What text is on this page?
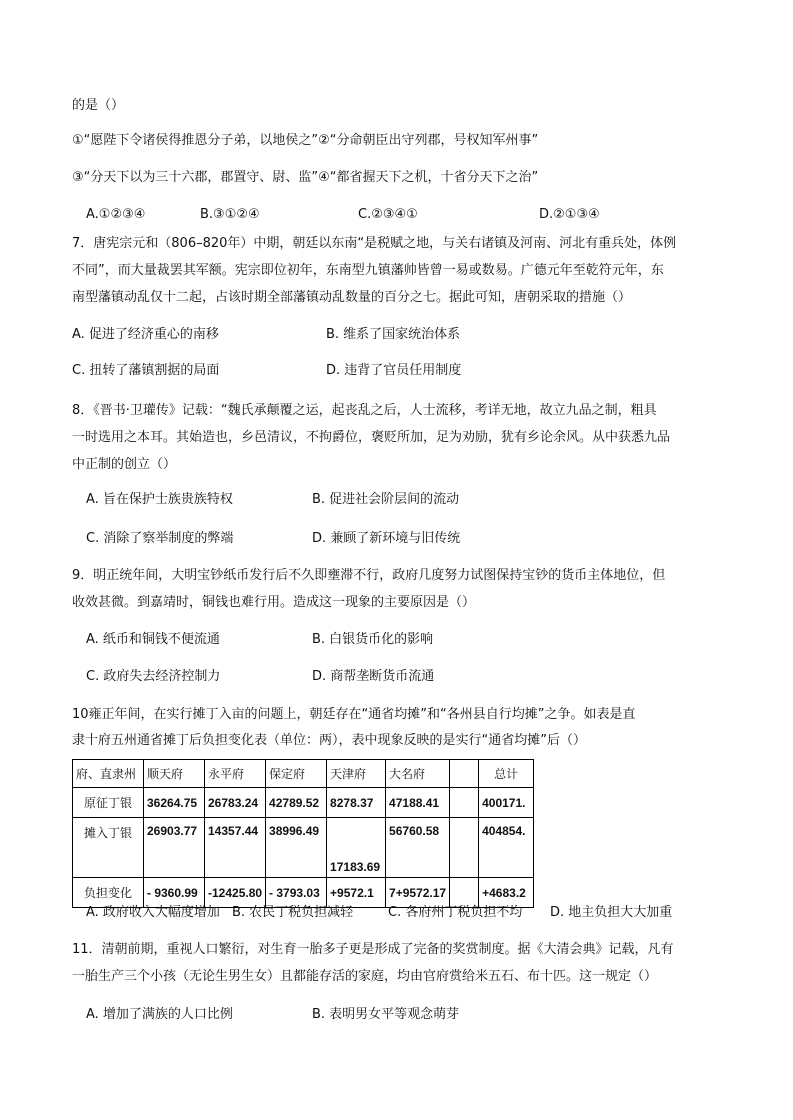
的是（）
①“愿陛下令诸侯得推恩分子弟，以地侯之”②“分命朝臣出守列郡，号权知军州事”
③“分天下以为三十六郡，郡置守、尉、监”④“都省握天下之机，十省分天下之治”
A.①②③④	B.③①②④	C.②③④①	D.②①③④
7．唐宪宗元和（806–820年）中期，朝廷以东南“是税赋之地，与关右诸镇及河南、河北有重兵处，体例
不同”，而大量裁罢其军额。宪宗即位初年，东南型九镇藩帅皆曾一易或数易。广德元年至乾符元年，东
南型藩镇动乱仅十二起，占该时期全部藩镇动乱数量的百分之七。据此可知，唐朝采取的措施（）
A. 促进了经济重心的南移	B. 维系了国家统治体系
C. 扭转了藩镇割据的局面	D. 违背了官员任用制度
8．《晋书·卫瓘传》记载：“魏氏承颠覆之运，起丧乱之后，人士流移，考详无地，故立九品之制，粗具
一时选用之本耳。其始造也，乡邑清议，不拘爵位，褒贬所加，足为劝励，犹有乡论余风。从中获悉九品
中正制的创立（）
A. 旨在保护士族贵族特权	B. 促进社会阶层间的流动
C. 消除了察举制度的弊端	D. 兼顾了新环境与旧传统
9．明正统年间，大明宝钞纸币发行后不久即壅滞不行，政府几度努力试图保持宝钞的货币主体地位，但
收效甚微。到嘉靖时，铜钱也难行用。造成这一现象的主要原因是（）
A. 纸币和铜钱不便流通	B. 白银货币化的影响
C. 政府失去经济控制力	D. 商帮垄断货币流通
10雍正年间，在实行摊丁入亩的问题上，朝廷存在“通省均摊”和“各州县自行均摊”之争。如表是直
隶十府五州通省摊丁后负担变化表（单位：两），表中现象反映的是实行“通省均摊”后（）
府、直隶州	顺天府	永平府	保定府	天津府	大名府		总计
原征丁银	36264.75	26783.24	42789.52	8278.37	47188.41		400171.
摊入丁银	26903.77	14357.44	38996.49	17183.69	56760.58		404854.
负担变化	- 9360.99	-12425.80	- 3793.03	+9572.1	7+9572.17		+4683.2
A. 政府收入大幅度增加 B. 农民丁税负担减轻	C. 各府州丁税负担不均 D. 地主负担大大加重
11．清朝前期，重视人口繁衍，对生育一胎多子更是形成了完备的奖赏制度。据《大清会典》记载，凡有
一胎生产三个小孩（无论生男生女）且都能存活的家庭，均由官府赏给米五石、布十匹。这一规定（）
A. 增加了满族的人口比例	B. 表明男女平等观念萌芽
